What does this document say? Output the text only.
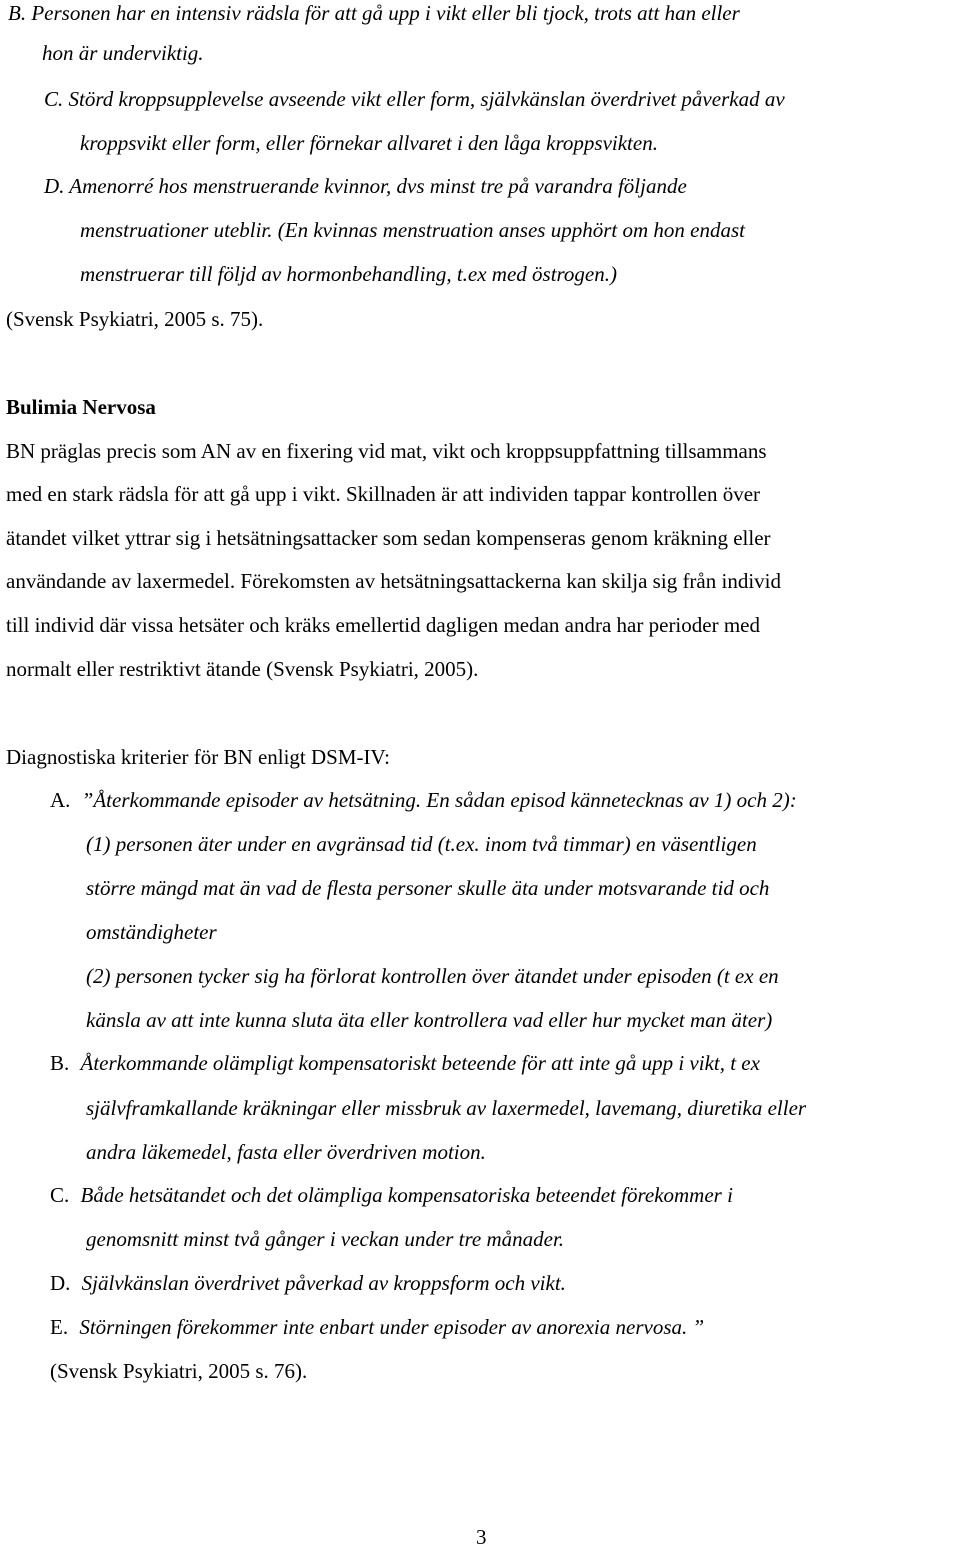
B. Personen har en intensiv rädsla för att gå upp i vikt eller bli tjock, trots att han eller
hon är underviktig.
C. Störd kroppsupplevelse avseende vikt eller form, självkänslan överdrivet påverkad av
kroppsvikt eller form, eller förnekar allvaret i den låga kroppsvikten.
D. Amenorré hos menstruerande kvinnor, dvs minst tre på varandra följande
menstruationer uteblir. (En kvinnas menstruation anses upphört om hon endast
menstruerar till följd av hormonbehandling, t.ex med östrogen.)
(Svensk Psykiatri, 2005 s. 75).
Bulimia Nervosa
BN präglas precis som AN av en fixering vid mat, vikt och kroppsuppfattning tillsammans
med en stark rädsla för att gå upp i vikt. Skillnaden är att individen tappar kontrollen över
ätandet vilket yttrar sig i hetsätningsattacker som sedan kompenseras genom kräkning eller
användande av laxermedel. Förekomsten av hetsätningsattackerna kan skilja sig från individ
till individ där vissa hetsäter och kräks emellertid dagligen medan andra har perioder med
normalt eller restriktivt ätande (Svensk Psykiatri, 2005).
Diagnostiska kriterier för BN enligt DSM-IV:
A. ”Återkommande episoder av hetsätning. En sådan episod kännetecknas av 1) och 2):
(1) personen äter under en avgränsad tid (t.ex. inom två timmar) en väsentligen
större mängd mat än vad de flesta personer skulle äta under motsvarande tid och
omständigheter
(2) personen tycker sig ha förlorat kontrollen över ätandet under episoden (t ex en
känsla av att inte kunna sluta äta eller kontrollera vad eller hur mycket man äter)
B. Återkommande olämpligt kompensatoriskt beteende för att inte gå upp i vikt, t ex
självframkallande kräkningar eller missbruk av laxermedel, lavemang, diuretika eller
andra läkemedel, fasta eller överdriven motion.
C. Både hetsätandet och det olämpliga kompensatoriska beteendet förekommer i
genomsnitt minst två gånger i veckan under tre månader.
D. Självkänslan överdrivet påverkad av kroppsform och vikt.
E. Störningen förekommer inte enbart under episoder av anorexia nervosa. ”
(Svensk Psykiatri, 2005 s. 76).
3
